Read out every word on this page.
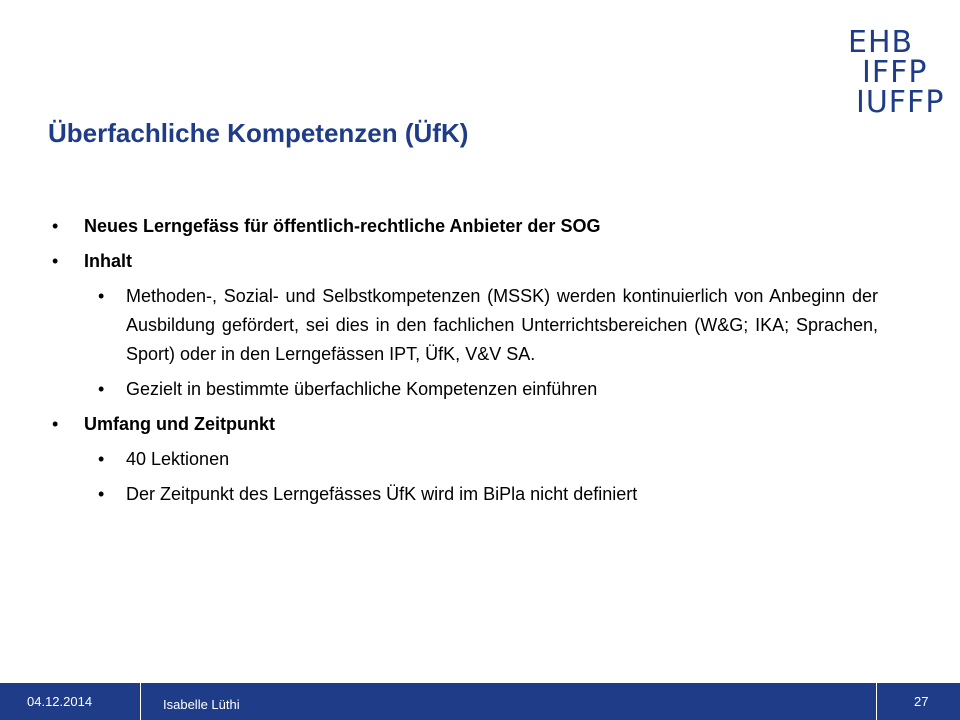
EHB
IFFP
IUFFP
Überfachliche Kompetenzen (ÜfK)
• Neues Lerngefäss für öffentlich-rechtliche Anbieter der SOG
• Inhalt
• Methoden-, Sozial- und Selbstkompetenzen (MSSK) werden kontinuierlich von Anbeginn der Ausbildung gefördert, sei dies in den fachlichen Unterrichtsbereichen (W&G; IKA; Sprachen, Sport) oder in den Lerngefässen IPT, ÜfK, V&V SA.
• Gezielt in bestimmte überfachliche Kompetenzen einführen
• Umfang und Zeitpunkt
• 40 Lektionen
• Der Zeitpunkt des Lerngefässes ÜfK wird im BiPla nicht definiert
04.12.2014	Isabelle Lüthi	27
